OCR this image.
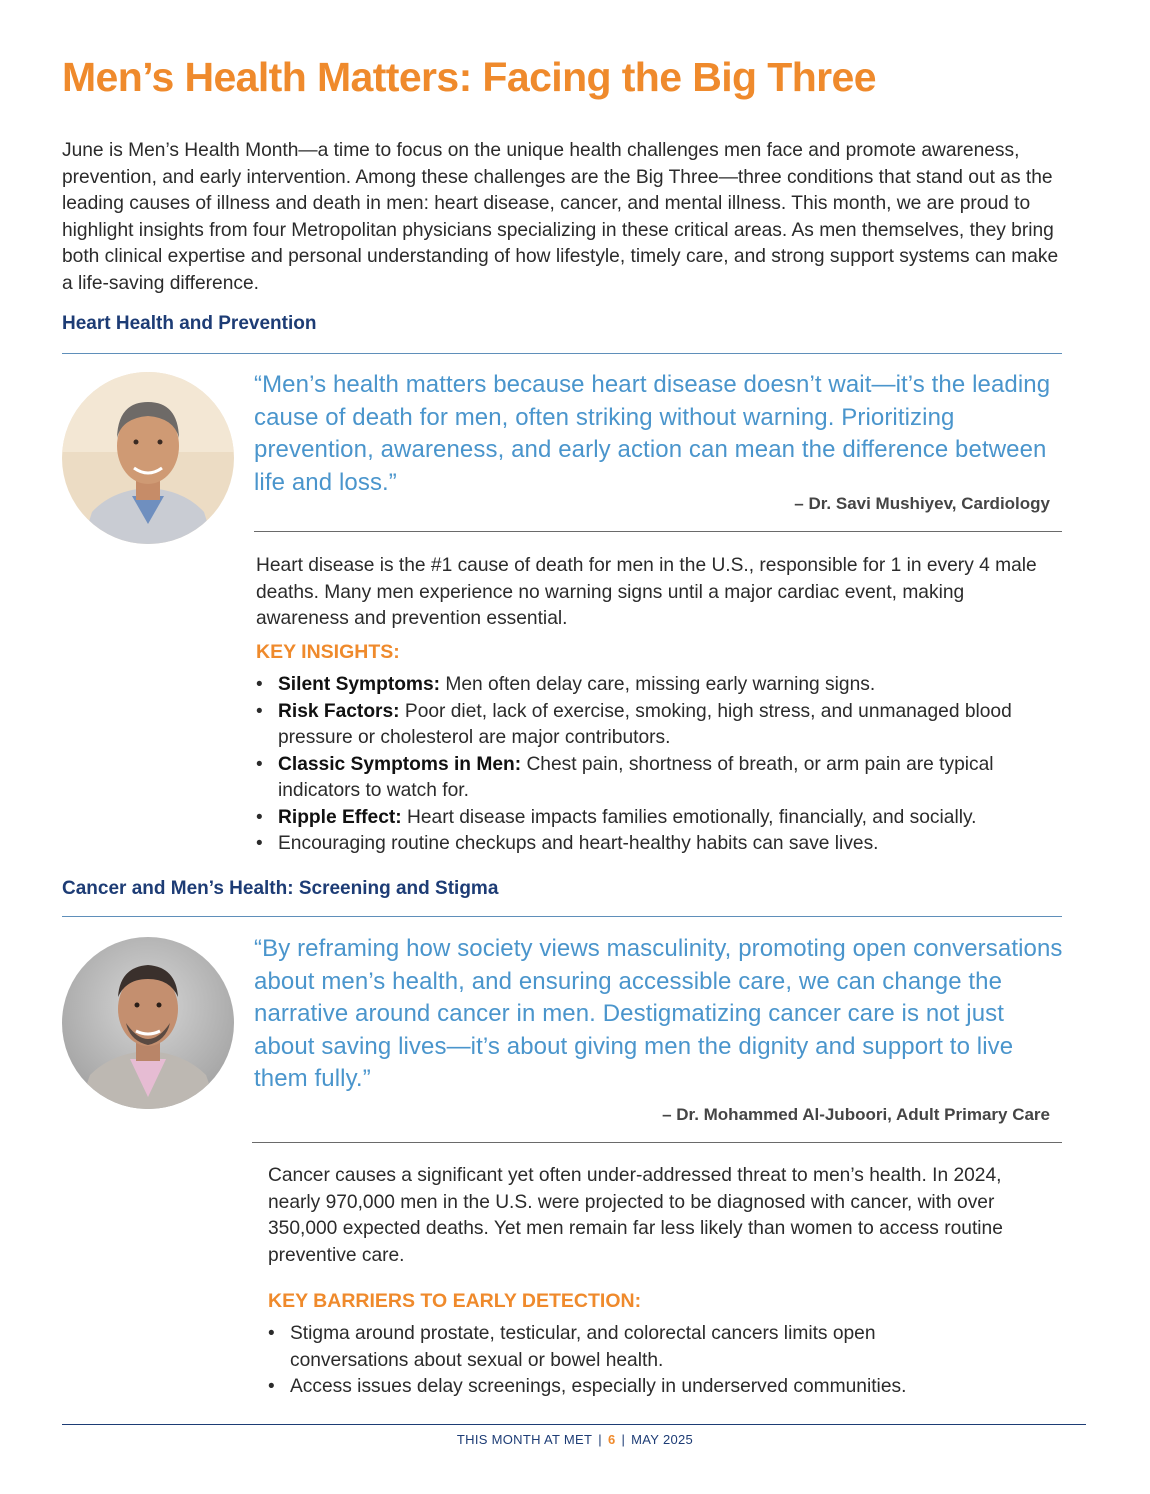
Men’s Health Matters: Facing the Big Three

June is Men’s Health Month—a time to focus on the unique health challenges men face and promote awareness, prevention, and early intervention. Among these challenges are the Big Three—three conditions that stand out as the leading causes of illness and death in men: heart disease, cancer, and mental illness. This month, we are proud to highlight insights from four Metropolitan physicians specializing in these critical areas. As men themselves, they bring both clinical expertise and personal understanding of how lifestyle, timely care, and strong support systems can make a life-saving difference.

Heart Health and Prevention

“Men’s health matters because heart disease doesn’t wait—it’s the leading cause of death for men, often striking without warning. Prioritizing prevention, awareness, and early action can mean the difference between life and loss.”

– Dr. Savi Mushiyev, Cardiology

Heart disease is the #1 cause of death for men in the U.S., responsible for 1 in every 4 male deaths. Many men experience no warning signs until a major cardiac event, making awareness and prevention essential.

KEY INSIGHTS:

• Silent Symptoms: Men often delay care, missing early warning signs.
• Risk Factors: Poor diet, lack of exercise, smoking, high stress, and unmanaged blood pressure or cholesterol are major contributors.
• Classic Symptoms in Men: Chest pain, shortness of breath, or arm pain are typical indicators to watch for.
• Ripple Effect: Heart disease impacts families emotionally, financially, and socially.
• Encouraging routine checkups and heart-healthy habits can save lives.
Cancer and Men’s Health: Screening and Stigma

“By reframing how society views masculinity, promoting open conversations about men’s health, and ensuring accessible care, we can change the narrative around cancer in men. Destigmatizing cancer care is not just about saving lives—it’s about giving men the dignity and support to live them fully.”

– Dr. Mohammed Al-Juboori, Adult Primary Care

Cancer causes a significant yet often under-addressed threat to men’s health. In 2024, nearly 970,000 men in the U.S. were projected to be diagnosed with cancer, with over 350,000 expected deaths. Yet men remain far less likely than women to access routine preventive care.

KEY BARRIERS TO EARLY DETECTION:

• Stigma around prostate, testicular, and colorectal cancers limits open conversations about sexual or bowel health.
• Access issues delay screenings, especially in underserved communities.
THIS MONTH AT MET | 6 | MAY 2025
